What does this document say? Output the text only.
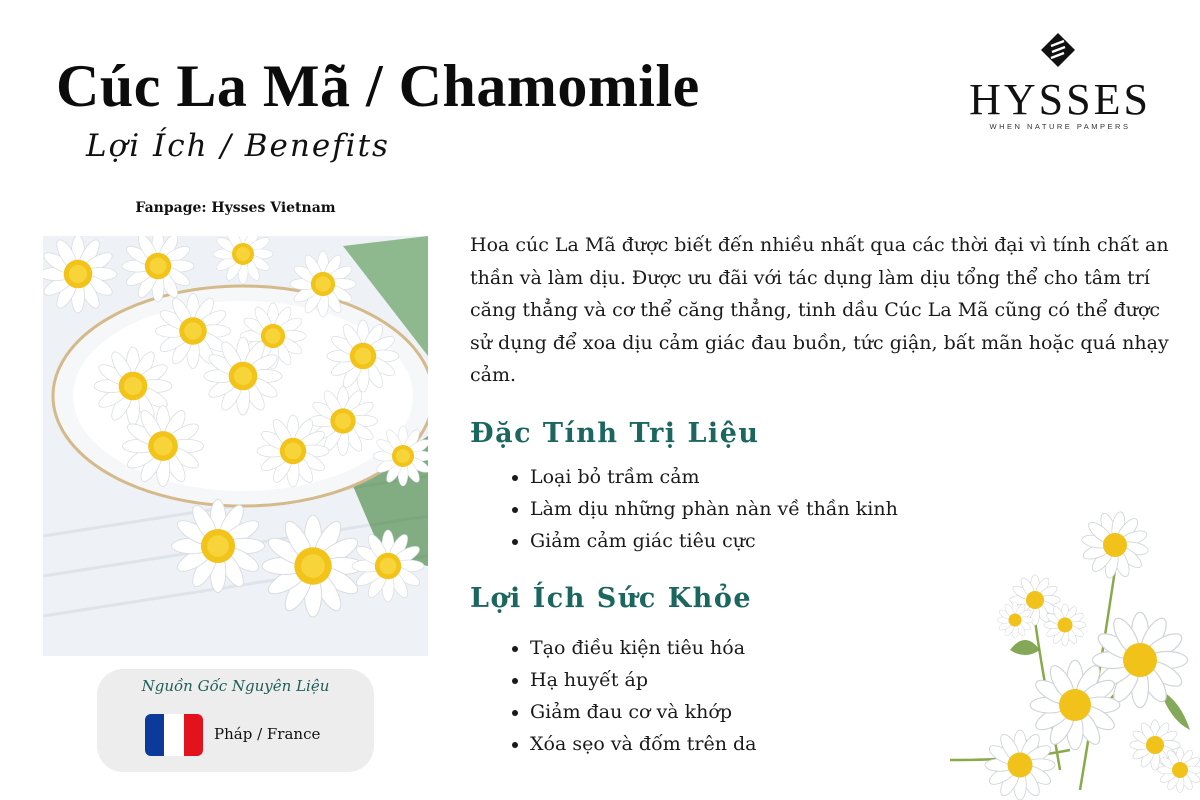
Cúc La Mã / Chamomile
Lợi Ích / Benefits
HYSSES
WHEN NATURE PAMPERS
Fanpage: Hysses Vietnam
Nguồn Gốc Nguyên Liệu
Pháp / France

Hoa cúc La Mã được biết đến nhiều nhất qua các thời đại vì tính chất an thần và làm dịu. Được ưu đãi với tác dụng làm dịu tổng thể cho tâm trí căng thẳng và cơ thể căng thẳng, tinh dầu Cúc La Mã cũng có thể được sử dụng để xoa dịu cảm giác đau buồn, tức giận, bất mãn hoặc quá nhạy cảm.

Đặc Tính Trị Liệu
• Loại bỏ trầm cảm
• Làm dịu những phàn nàn về thần kinh
• Giảm cảm giác tiêu cực
Lợi Ích Sức Khỏe
• Tạo điều kiện tiêu hóa
• Hạ huyết áp
• Giảm đau cơ và khớp
• Xóa sẹo và đốm trên da
